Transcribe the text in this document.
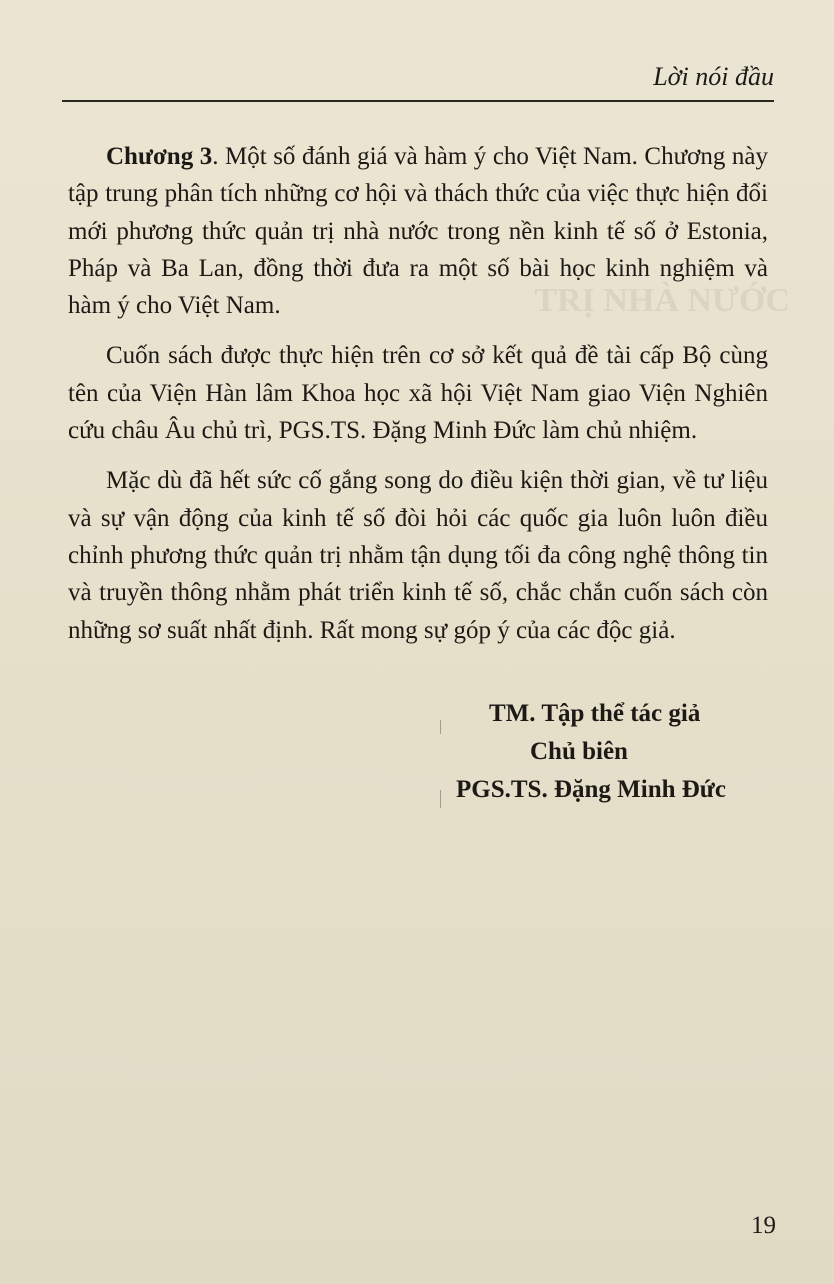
TRỊ NHÀ NƯỚC
Lời nói đầu

Chương 3. Một số đánh giá và hàm ý cho Việt Nam. Chương này tập trung phân tích những cơ hội và thách thức của việc thực hiện đổi mới phương thức quản trị nhà nước trong nền kinh tế số ở Estonia, Pháp và Ba Lan, đồng thời đưa ra một số bài học kinh nghiệm và hàm ý cho Việt Nam.

Cuốn sách được thực hiện trên cơ sở kết quả đề tài cấp Bộ cùng tên của Viện Hàn lâm Khoa học xã hội Việt Nam giao Viện Nghiên cứu châu Âu chủ trì, PGS.TS. Đặng Minh Đức làm chủ nhiệm.

Mặc dù đã hết sức cố gắng song do điều kiện thời gian, về tư liệu và sự vận động của kinh tế số đòi hỏi các quốc gia luôn luôn điều chỉnh phương thức quản trị nhằm tận dụng tối đa công nghệ thông tin và truyền thông nhằm phát triển kinh tế số, chắc chắn cuốn sách còn những sơ suất nhất định. Rất mong sự góp ý của các độc giả.

TM. Tập thể tác giả
Chủ biên
PGS.TS. Đặng Minh Đức
19
